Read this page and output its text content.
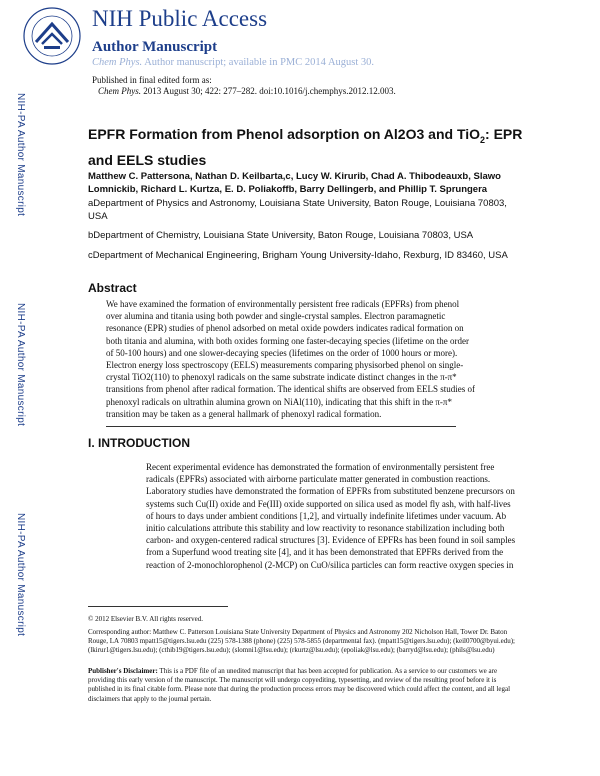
NIH Public Access
Author Manuscript
Chem Phys. Author manuscript; available in PMC 2014 August 30.
Published in final edited form as:
Chem Phys. 2013 August 30; 422: 277–282. doi:10.1016/j.chemphys.2012.12.003.
NIH-PA Author Manuscript
NIH-PA Author Manuscript
NIH-PA Author Manuscript
EPFR Formation from Phenol adsorption on Al2O3 and TiO$_2$: EPR and EELS studies
Matthew C. Pattersona, Nathan D. Keilbarta,c, Lucy W. Kirurib, Chad A. Thibodeauxb, Slawo Lomnickib, Richard L. Kurtza, E. D. Poliakoffb, Barry Dellingerb, and Phillip T. Sprungera
aDepartment of Physics and Astronomy, Louisiana State University, Baton Rouge, Louisiana 70803, USA
bDepartment of Chemistry, Louisiana State University, Baton Rouge, Louisiana 70803, USA
cDepartment of Mechanical Engineering, Brigham Young University-Idaho, Rexburg, ID 83460, USA
Abstract
We have examined the formation of environmentally persistent free radicals (EPFRs) from phenol over alumina and titania using both powder and single-crystal samples. Electron paramagnetic resonance (EPR) studies of phenol adsorbed on metal oxide powders indicates radical formation on both titania and alumina, with both oxides forming one faster-decaying species (lifetime on the order of 50-100 hours) and one slower-decaying species (lifetimes on the order of 1000 hours or more). Electron energy loss spectroscopy (EELS) measurements comparing physisorbed phenol on single-crystal TiO2(110) to phenoxyl radicals on the same substrate indicate distinct changes in the π-π* transitions from phenol after radical formation. The identical shifts are observed from EELS studies of phenoxyl radicals on ultrathin alumina grown on NiAl(110), indicating that this shift in the π-π* transition may be taken as a general hallmark of phenoxyl radical formation.
I. INTRODUCTION
Recent experimental evidence has demonstrated the formation of environmentally persistent free radicals (EPFRs) associated with airborne particulate matter generated in combustion reactions. Laboratory studies have demonstrated the formation of EPFRs from substituted benzene precursors on systems such Cu(II) oxide and Fe(III) oxide supported on silica used as model fly ash, with half-lives of hours to days under ambient conditions [1,2], and virtually indefinite lifetimes under vacuum. Ab initio calculations attribute this stability and low reactivity to resonance stabilization including both carbon- and oxygen-centered radical structures [3]. Evidence of EPFRs has been found in soil samples from a Superfund wood treating site [4], and it has been demonstrated that EPFRs derived from the reaction of 2-monochlorophenol (2-MCP) on CuO/silica particles can form reactive oxygen species in
© 2012 Elsevier B.V. All rights reserved.
Corresponding author: Matthew C. Patterson Louisiana State University Department of Physics and Astronomy 202 Nicholson Hall, Tower Dr. Baton Rouge, LA 70803 mpatt15@tigers.lsu.edu (225) 578-1388 (phone) (225) 578-5855 (departmental fax). (mpatt15@tigers.lsu.edu); (keil0700@byui.edu); (lkirur1@tigers.lsu.edu); (cthib19@tigers.lsu.edu); (slomni1@lsu.edu); (rkurtz@lsu.edu); (epoliak@lsu.edu); (barryd@lsu.edu); (phils@lsu.edu)
Publisher's Disclaimer: This is a PDF file of an unedited manuscript that has been accepted for publication. As a service to our customers we are providing this early version of the manuscript. The manuscript will undergo copyediting, typesetting, and review of the resulting proof before it is published in its final citable form. Please note that during the production process errors may be discovered which could affect the content, and all legal disclaimers that apply to the journal pertain.
